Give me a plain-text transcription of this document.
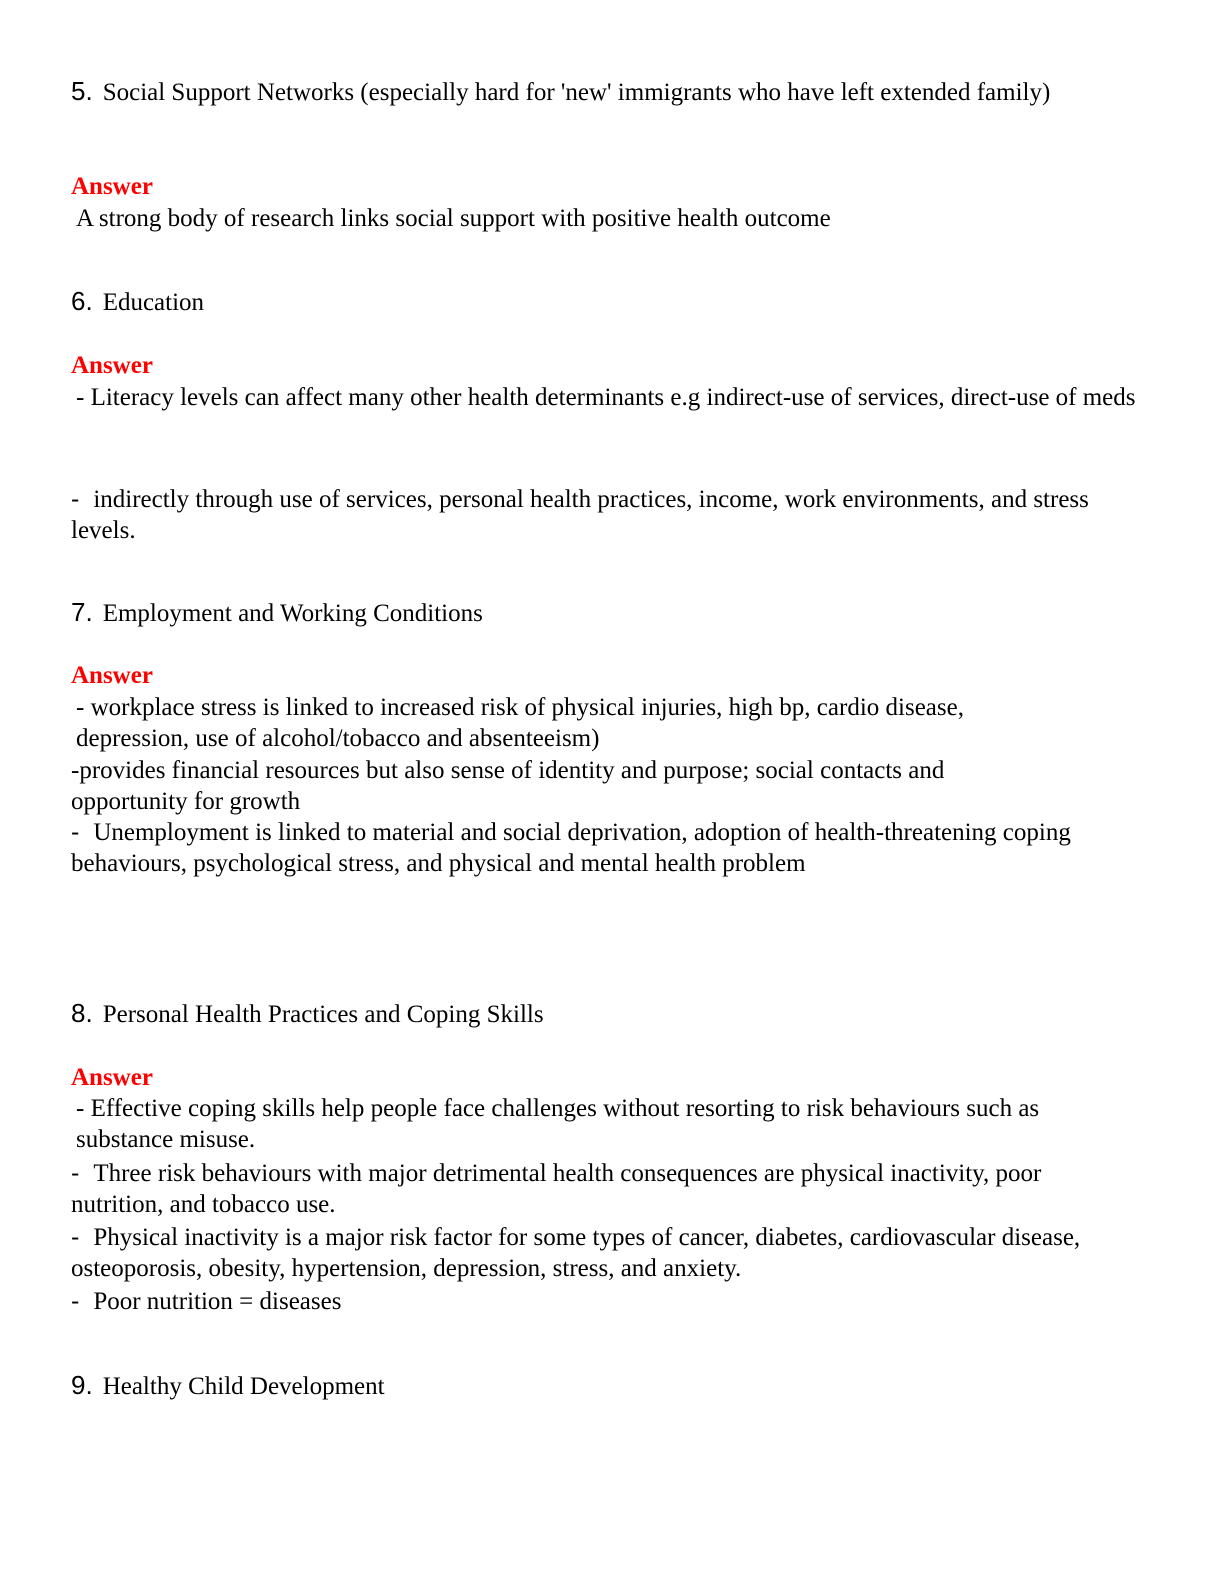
5. Social Support Networks (especially hard for 'new' immigrants who have left extended family)
Answer
A strong body of research links social support with positive health outcome
6. Education
Answer
- Literacy levels can affect many other health determinants e.g indirect-use of services, direct-use of meds
- indirectly through use of services, personal health practices, income, work environments, and stress levels.
7. Employment and Working Conditions
Answer
- workplace stress is linked to increased risk of physical injuries, high bp, cardio disease, depression, use of alcohol/tobacco and absenteeism)
-provides financial resources but also sense of identity and purpose; social contacts and opportunity for growth
- Unemployment is linked to material and social deprivation, adoption of health-threatening coping behaviours, psychological stress, and physical and mental health problem
8. Personal Health Practices and Coping Skills
Answer
- Effective coping skills help people face challenges without resorting to risk behaviours such as substance misuse.
- Three risk behaviours with major detrimental health consequences are physical inactivity, poor nutrition, and tobacco use.
- Physical inactivity is a major risk factor for some types of cancer, diabetes, cardiovascular disease, osteoporosis, obesity, hypertension, depression, stress, and anxiety.
- Poor nutrition = diseases
9. Healthy Child Development
